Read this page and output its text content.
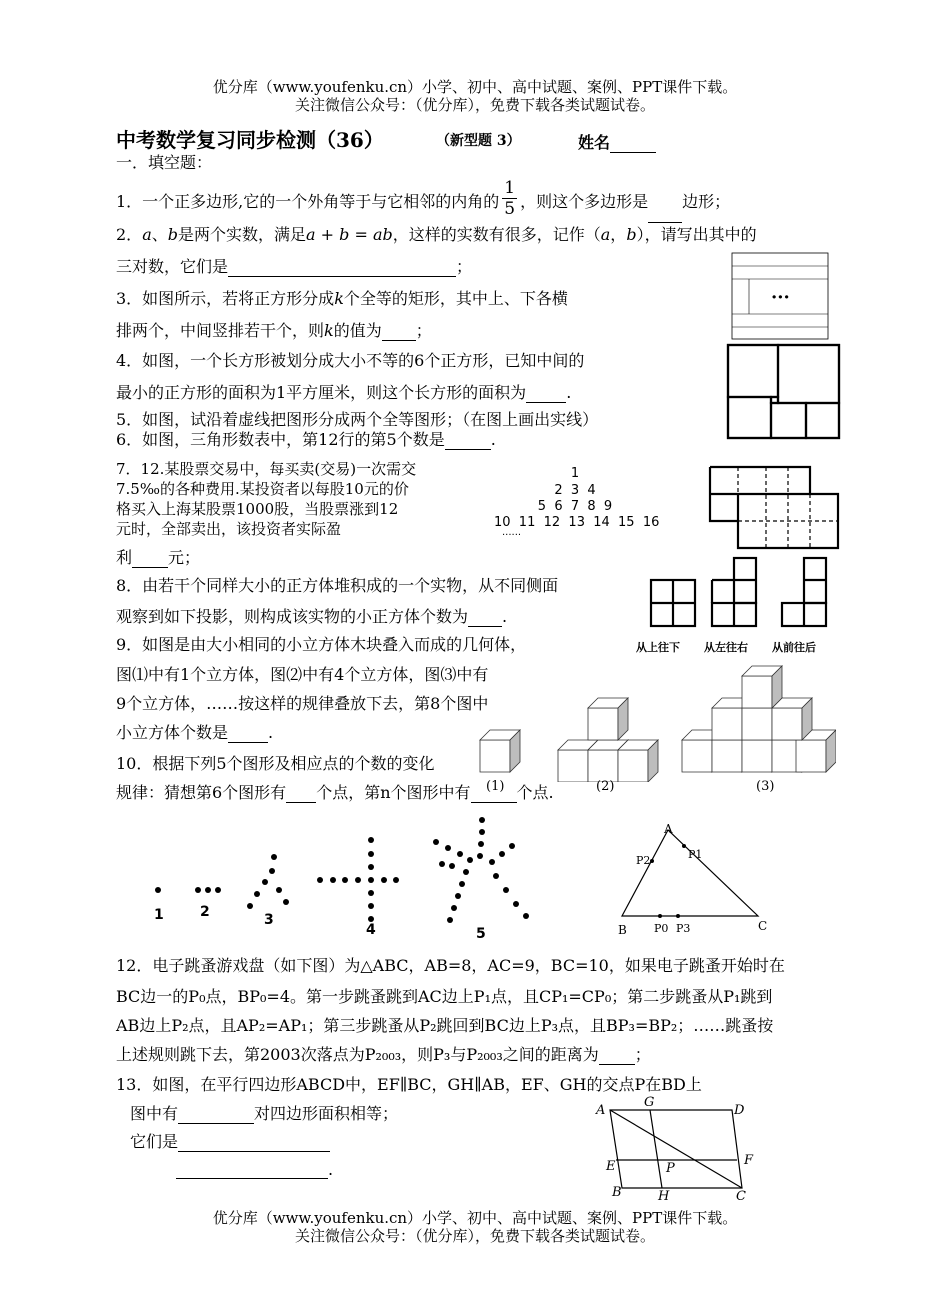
优分库（www.youfenku.cn）小学、初中、高中试题、案例、PPT课件下载。
关注微信公众号：（优分库），免费下载各类试题试卷。
中考数学复习同步检测（36）	（新型题 3）	姓名
一．填空题：
1．一个正多边形,它的一个外角等于与它相邻的内角的 $\frac{1}{5}$ ，则这个多边形是 边形；
2．a、b是两个实数，满足a + b = ab，这样的实数有很多，记作（a，b），请写出其中的
三对数，它们是	；
3．如图所示，若将正方形分成k个全等的矩形，其中上、下各横
排两个，中间竖排若干个，则k的值为 ；
···
4．如图，一个长方形被划分成大小不等的6个正方形，已知中间的
最小的正方形的面积为1平方厘米，则这个长方形的面积为	.
5．如图，试沿着虚线把图形分成两个全等图形；（在图上画出实线）
6．如图，三角形数表中，第12行的第5个数是	.
7．12.某股票交易中，每买卖(交易)一次需交
7.5‰的各种费用.某投资者以每股10元的价
格买入上海某股票1000股，当股票涨到12
元时，全部卖出，该投资者实际盈
利 元；
1
2  3  4
5  6  7  8  9
10  11  12  13  14  15  16
······
8．由若干个同样大小的正方体堆积成的一个实物，从不同侧面
观察到如下投影，则构成该实物的小正方体个数为 .
从上往下 从左往右 从前往后
9．如图是由大小相同的小立方体木块叠入而成的几何体，
图⑴中有1个立方体，图⑵中有4个立方体，图⑶中有
9个立方体，……按这样的规律叠放下去，第8个图中
小立方体个数是	.
10．根据下列5个图形及相应点的个数的变化
规律：猜想第6个图形有 个点，第n个图形中有	个点.
(1)	(2)	(3)
1	2	3
4	5
A
B	C
P2	P1
P0 P3
12．电子跳蚤游戏盘（如下图）为△ABC，AB=8，AC=9，BC=10，如果电子跳蚤开始时在
BC边一的P₀点，BP₀=4。第一步跳蚤跳到AC边上P₁点，且CP₁=CP₀；第二步跳蚤从P₁跳到
AB边上P₂点，且AP₂=AP₁；第三步跳蚤从P₂跳回到BC边上P₃点，且BP₃=BP₂；……跳蚤按
上述规则跳下去，第2003次落点为P₂₀₀₃，则P₃与P₂₀₀₃之间的距离为 ；
13．如图，在平行四边形ABCD中，EF∥BC，GH∥AB，EF、GH的交点P在BD上
图中有	对四边形面积相等；
它们是
.
A	D
G
E	F
P
B	H	C
优分库（www.youfenku.cn）小学、初中、高中试题、案例、PPT课件下载。
关注微信公众号：（优分库），免费下载各类试题试卷。
